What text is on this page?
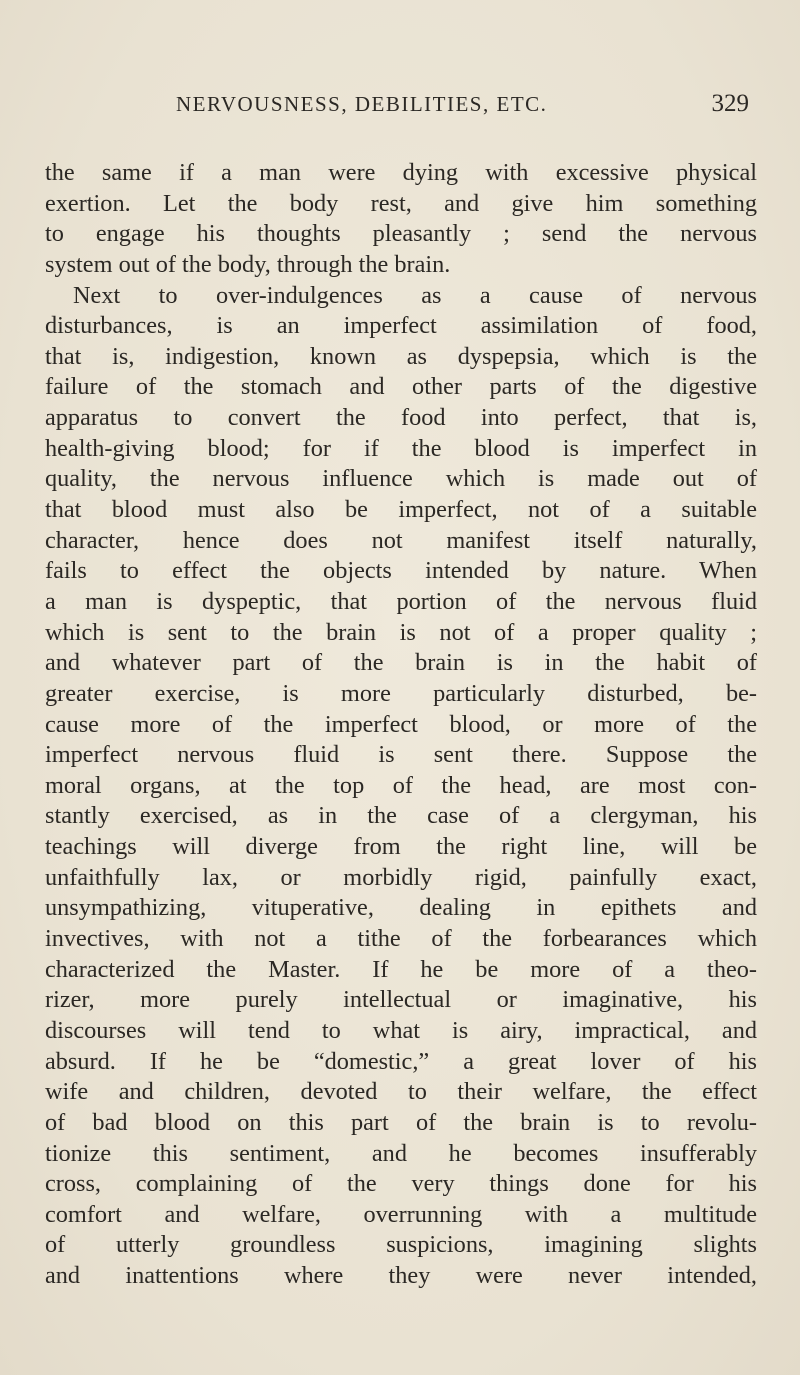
NERVOUSNESS, DEBILITIES, ETC.	329
the same if a man were dying with excessive physical
exertion. Let the body rest, and give him something
to engage his thoughts pleasantly ; send the nervous
system out of the body, through the brain.
Next to over-indulgences as a cause of nervous
disturbances, is an imperfect assimilation of food,
that is, indigestion, known as dyspepsia, which is the
failure of the stomach and other parts of the digestive
apparatus to convert the food into perfect, that is,
health-giving blood; for if the blood is imperfect in
quality, the nervous influence which is made out of
that blood must also be imperfect, not of a suitable
character, hence does not manifest itself naturally,
fails to effect the objects intended by nature. When
a man is dyspeptic, that portion of the nervous fluid
which is sent to the brain is not of a proper quality ;
and whatever part of the brain is in the habit of
greater exercise, is more particularly disturbed, be-
cause more of the imperfect blood, or more of the
imperfect nervous fluid is sent there. Suppose the
moral organs, at the top of the head, are most con-
stantly exercised, as in the case of a clergyman, his
teachings will diverge from the right line, will be
unfaithfully lax, or morbidly rigid, painfully exact,
unsympathizing, vituperative, dealing in epithets and
invectives, with not a tithe of the forbearances which
characterized the Master. If he be more of a theo-
rizer, more purely intellectual or imaginative, his
discourses will tend to what is airy, impractical, and
absurd. If he be “domestic,” a great lover of his
wife and children, devoted to their welfare, the effect
of bad blood on this part of the brain is to revolu-
tionize this sentiment, and he becomes insufferably
cross, complaining of the very things done for his
comfort and welfare, overrunning with a multitude
of utterly groundless suspicions, imagining slights
and inattentions where they were never intended,
